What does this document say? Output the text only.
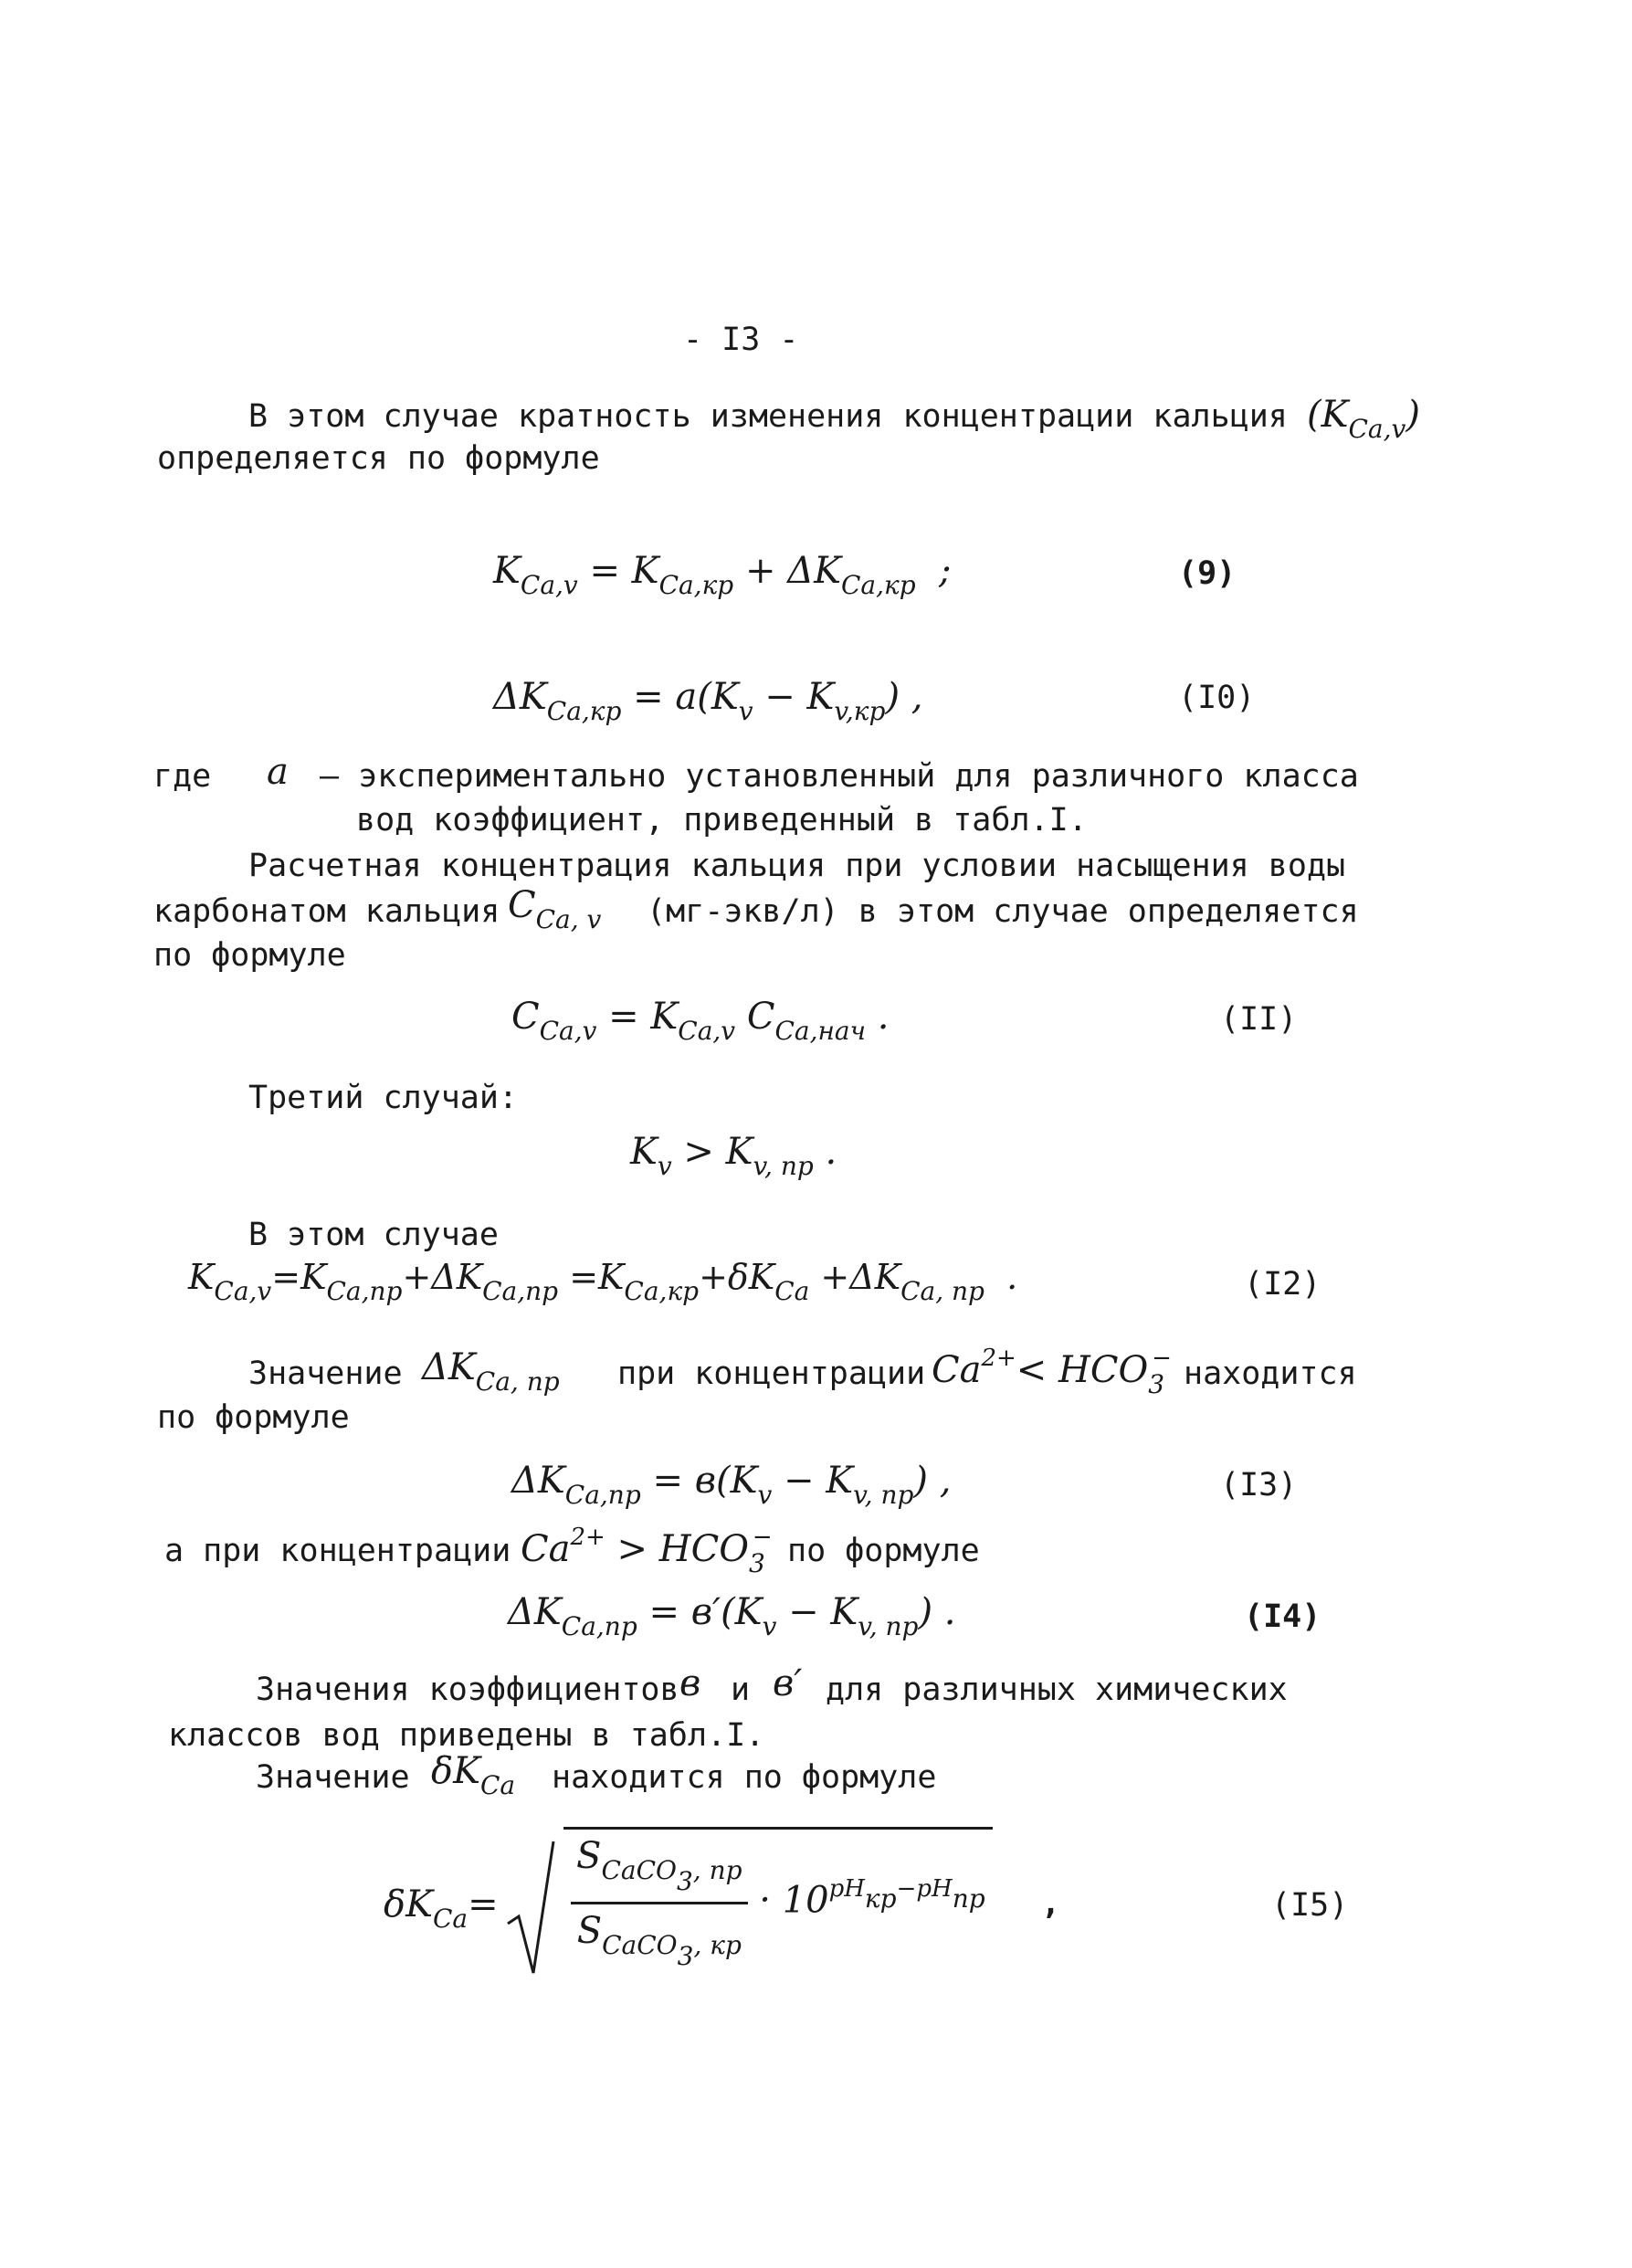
- I3 -
В этом случае кратность изменения концентрации кальция $(K_{Ca,v})$
определяется по формуле
$K_{Ca,v} = K_{Ca,кр} + \Delta K_{Ca,кр}$  ;	(9)
$\Delta K_{Ca,кр} = a(K_v - K_{v,кр})$ ,	(I0)
где a – экспериментально установленный для различного класса
вод коэффициент, приведенный в табл.I.
Расчетная концентрация кальция при условии насыщения воды
карбонатом кальция $C_{Ca, v}$ (мг-экв/л) в этом случае определяется
по формуле
$C_{Ca,v} = K_{Ca,v}$ $C_{Ca,нач}$ .	(II)
Третий случай:
$K_v > K_{v, пр}$ .
В этом случае
$K_{Ca,v}=K_{Ca,пр}+\Delta K_{Ca,пр} =K_{Ca,кр}+\delta K_{Ca} +\Delta K_{Ca, пр}$  .	(I2)
Значение $\Delta K_{Ca, пр}$ при концентрации $Ca^{2+}< HCO_3^-$ находится
по формуле
$\Delta K_{Ca,пр} = в(K_v - K_{v, пр})$ ,	(I3)
а при концентрации $Ca^{2+} > HCO_3^-$ по формуле
$\Delta K_{Ca,пр} = в'(K_v - K_{v, пр})$ .	(I4)
Значения коэффициентов в и в′ для различных химических
классов вод приведены в табл.I.
Значение $\delta K_{Ca}$ находится по формуле
$\delta K_{Ca}= \frac{S_{CaCO_3, пр}}{S_{CaCO_3, кр}} \cdot 10^{pH_{кр}-pH_{пр}}$ ,	(I5)
